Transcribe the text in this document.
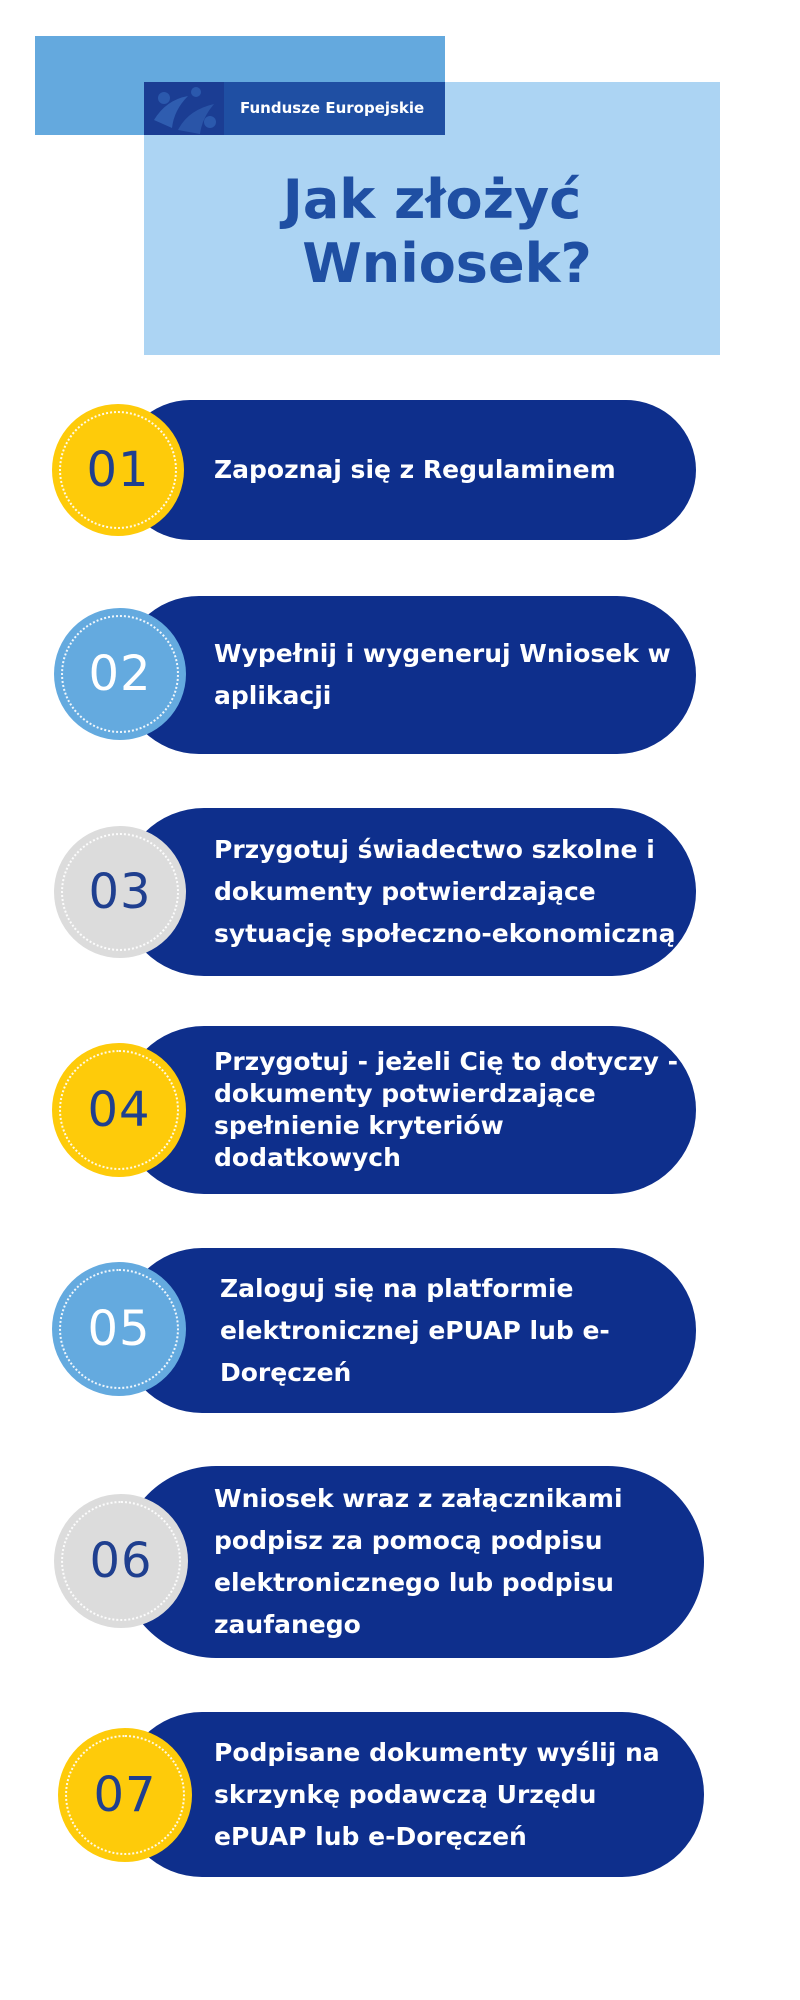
Fundusze Europejskie
Jak złożyć
Wniosek?
Zapoznaj się z Regulaminem
01
Wypełnij i wygeneruj Wniosek w aplikacji
02
Przygotuj świadectwo szkolne i dokumenty potwierdzające sytuację społeczno-ekonomiczną
03
Przygotuj - jeżeli Cię to dotyczy - dokumenty potwierdzające spełnienie kryteriów dodatkowych
04
Zaloguj się na platformie elektronicznej ePUAP lub e-Doręczeń
05
Wniosek wraz z załącznikami podpisz za pomocą podpisu elektronicznego lub podpisu zaufanego
06
Podpisane dokumenty wyślij na skrzynkę podawczą Urzędu ePUAP lub e-Doręczeń
07
